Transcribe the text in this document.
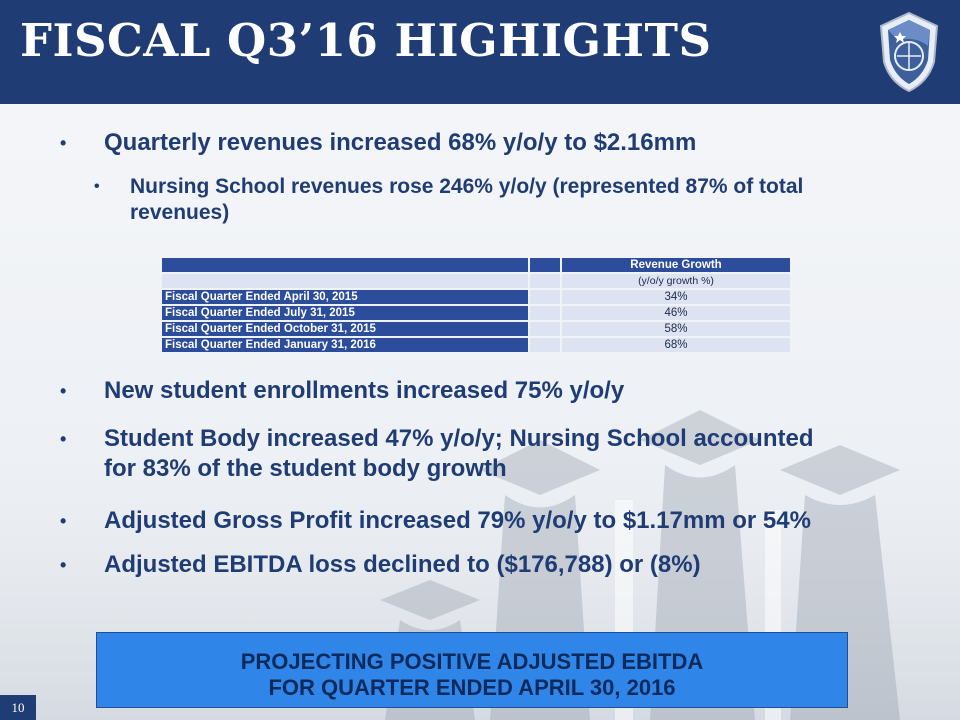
FISCAL Q3’16 HIGHIGHTS
• Quarterly revenues increased 68% y/o/y to $2.16mm
• Nursing School revenues rose 246% y/o/y (represented 87% of total
revenues)
• New student enrollments increased 75% y/o/y
• Student Body increased 47% y/o/y; Nursing School accounted
for 83% of the student body growth
• Adjusted Gross Profit increased 79% y/o/y to $1.17mm or 54%
• Adjusted EBITDA loss declined to ($176,788) or (8%)
		Revenue Growth
		(y/o/y growth %)
Fiscal Quarter Ended April 30, 2015		34%
Fiscal Quarter Ended July 31, 2015		46%
Fiscal Quarter Ended October 31, 2015		58%
Fiscal Quarter Ended January 31, 2016		68%
PROJECTING POSITIVE ADJUSTED EBITDA
FOR QUARTER ENDED APRIL 30, 2016
10
